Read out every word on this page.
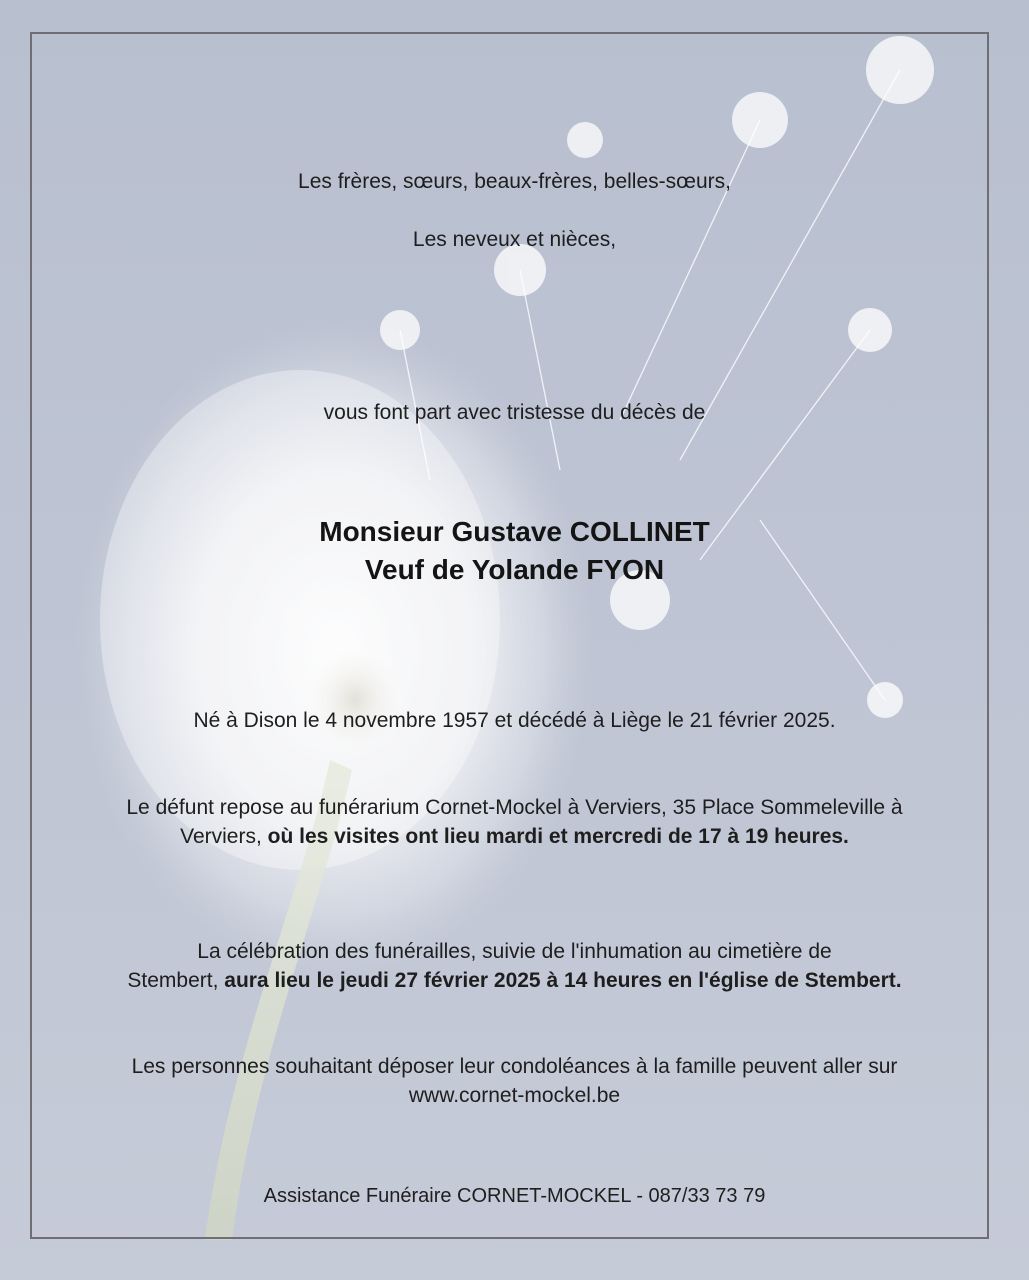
Les frères, sœurs, beaux-frères, belles-sœurs,
Les neveux et nièces,
vous font part avec tristesse du décès de
Monsieur Gustave COLLINET
Veuf de Yolande FYON
Né à Dison le 4 novembre 1957 et décédé à Liège le 21 février 2025.
Le défunt repose au funérarium Cornet-Mockel à Verviers, 35 Place Sommeleville à
Verviers, où les visites ont lieu mardi et mercredi de 17 à 19 heures.
La célébration des funérailles, suivie de l'inhumation au cimetière de
Stembert, aura lieu le jeudi 27 février 2025 à 14 heures en l'église de Stembert.
Les personnes souhaitant déposer leur condoléances à la famille peuvent aller sur
www.cornet-mockel.be
Assistance Funéraire CORNET-MOCKEL - 087/33 73 79
